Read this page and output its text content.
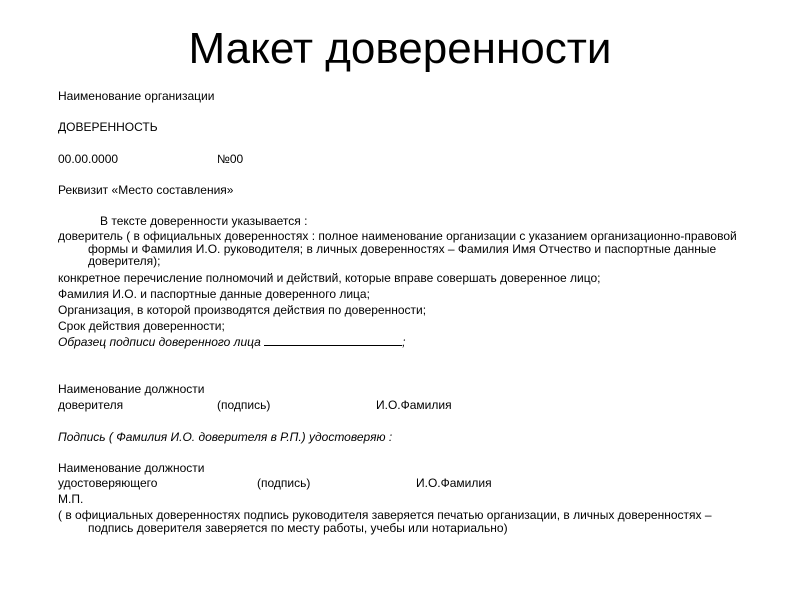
Макет доверенности
Наименование организации
ДОВЕРЕННОСТЬ
00.00.0000	№00
Реквизит «Место составления»
В тексте доверенности указывается :
доверитель ( в официальных доверенностях : полное наименование организации с указанием организационно-правовой формы и Фамилия И.О. руководителя; в личных доверенностях – Фамилия Имя Отчество и паспортные данные доверителя);
конкретное перечисление полномочий и действий, которые вправе совершать доверенное лицо;
Фамилия И.О. и паспортные данные доверенного лица;
Организация, в которой производятся действия по доверенности;
Срок действия доверенности;
Образец подписи доверенного лица	;
Наименование должности
доверителя	(подпись)	И.О.Фамилия
Подпись ( Фамилия И.О. доверителя в Р.П.) удостоверяю :
Наименование должности
удостоверяющего	(подпись)	И.О.Фамилия
М.П.
( в официальных доверенностях подпись руководителя заверяется печатью организации, в личных доверенностях – подпись доверителя заверяется по месту работы, учебы или нотариально)
